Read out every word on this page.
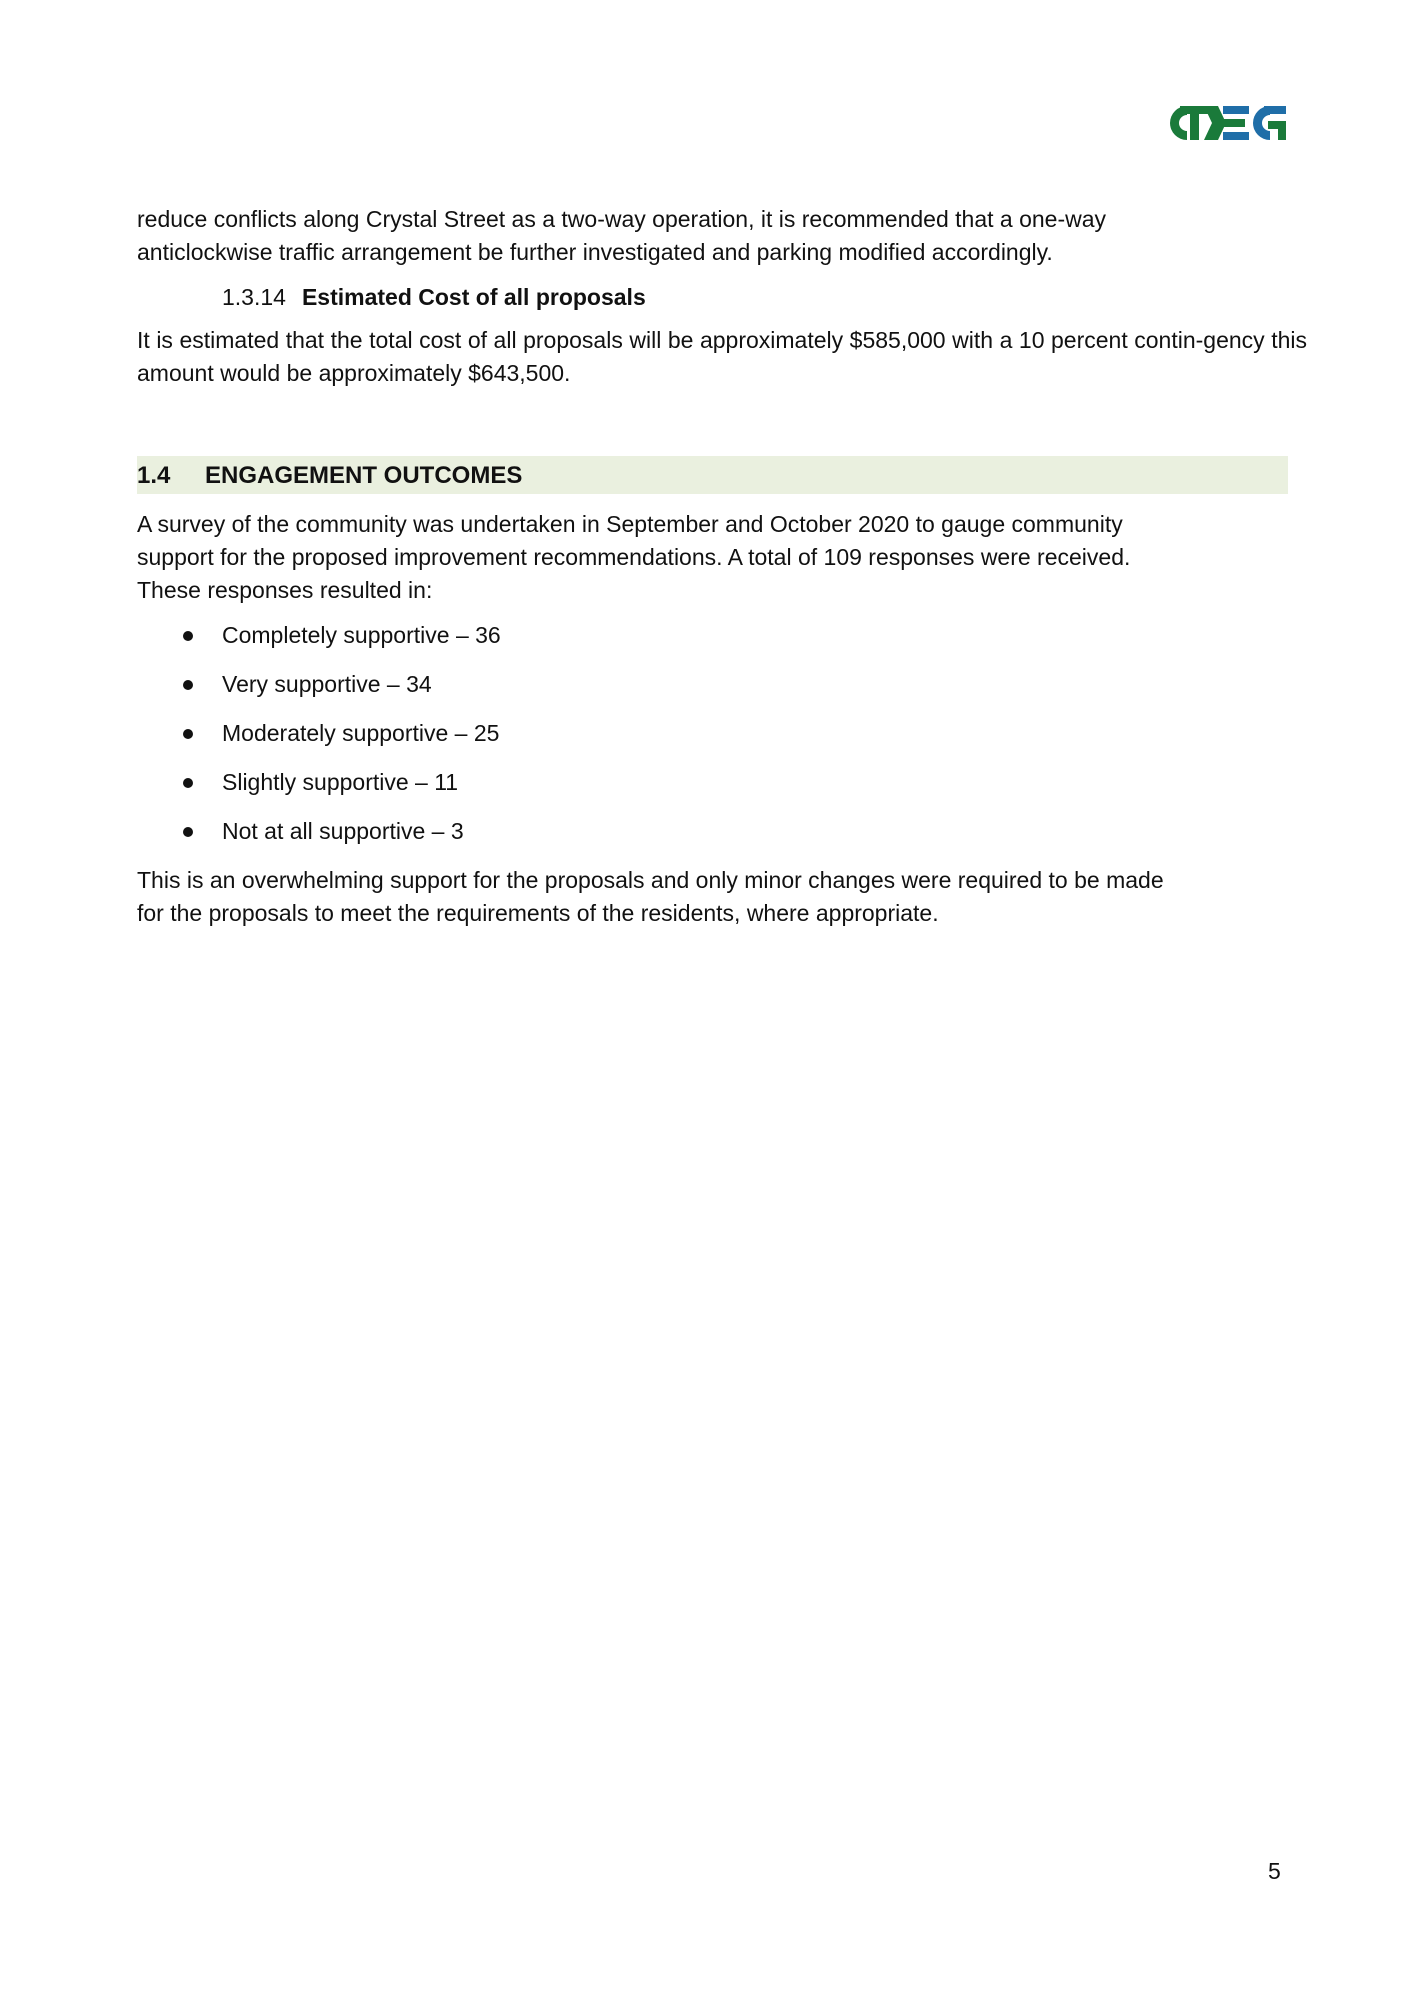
reduce conflicts along Crystal Street as a two-way operation, it is recommended that a one-way anticlockwise traffic arrangement be further investigated and parking modified accordingly.

1.3.14 Estimated Cost of all proposals

It is estimated that the total cost of all proposals will be approximately $585,000 with a 10 percent contin-gency this amount would be approximately $643,500.

1.4	ENGAGEMENT OUTCOMES

A survey of the community was undertaken in September and October 2020 to gauge community support for the proposed improvement recommendations. A total of 109 responses were received. These responses resulted in:

Completely supportive – 36
Very supportive – 34
Moderately supportive – 25
Slightly supportive – 11
Not at all supportive – 3

This is an overwhelming support for the proposals and only minor changes were required to be made for the proposals to meet the requirements of the residents, where appropriate.

5
